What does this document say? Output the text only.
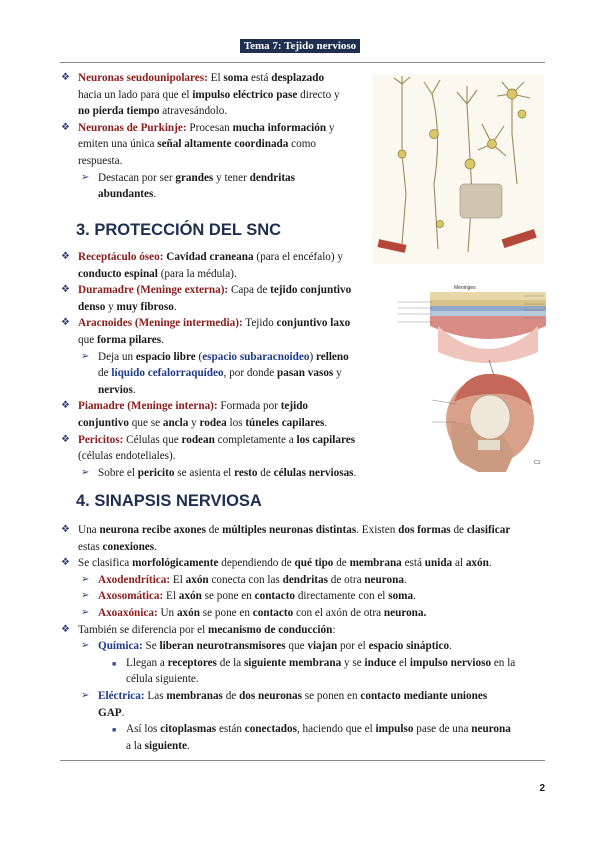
Tema 7: Tejido nervioso
❖ Neuronas seudounipolares: El soma está desplazado
hacia un lado para que el impulso eléctrico pase directo y
no pierda tiempo atravesándolo.
❖ Neuronas de Purkinje: Procesan mucha información y
emiten una única señal altamente coordinada como
respuesta.
➢ Destacan por ser grandes y tener dendritas
abundantes.
3. PROTECCIÓN DEL SNC
❖ Receptáculo óseo: Cavidad craneana (para el encéfalo) y
conducto espinal (para la médula).
❖ Duramadre (Meninge externa): Capa de tejido conjuntivo
denso y muy fibroso.
❖ Aracnoides (Meninge intermedia): Tejido conjuntivo laxo
que forma pilares.
➢ Deja un espacio libre (espacio subaracnoideo) relleno
de líquido cefalorraquídeo, por donde pasan vasos y
nervios.
❖ Piamadre (Meninge interna): Formada por tejido
conjuntivo que se ancla y rodea los túneles capilares.
❖ Pericitos: Células que rodean completamente a los capilares
(células endoteliales).
➢ Sobre el pericito se asienta el resto de células nerviosas.
Meninges
C1
4. SINAPSIS NERVIOSA
❖ Una neurona recibe axones de múltiples neuronas distintas. Existen dos formas de clasificar
estas conexiones.
❖ Se clasifica morfológicamente dependiendo de qué tipo de membrana está unida al axón.
➢ Axodendrítica: El axón conecta con las dendritas de otra neurona.
➢ Axosomática: El axón se pone en contacto directamente con el soma.
➢ Axoaxónica: Un axón se pone en contacto con el axón de otra neurona.
❖ También se diferencia por el mecanismo de conducción:
➢ Química: Se liberan neurotransmisores que viajan por el espacio sináptico.
■ Llegan a receptores de la siguiente membrana y se induce el impulso nervioso en la
célula siguiente.
➢ Eléctrica: Las membranas de dos neuronas se ponen en contacto mediante uniones
GAP.
■ Así los citoplasmas están conectados, haciendo que el impulso pase de una neurona
a la siguiente.
2
